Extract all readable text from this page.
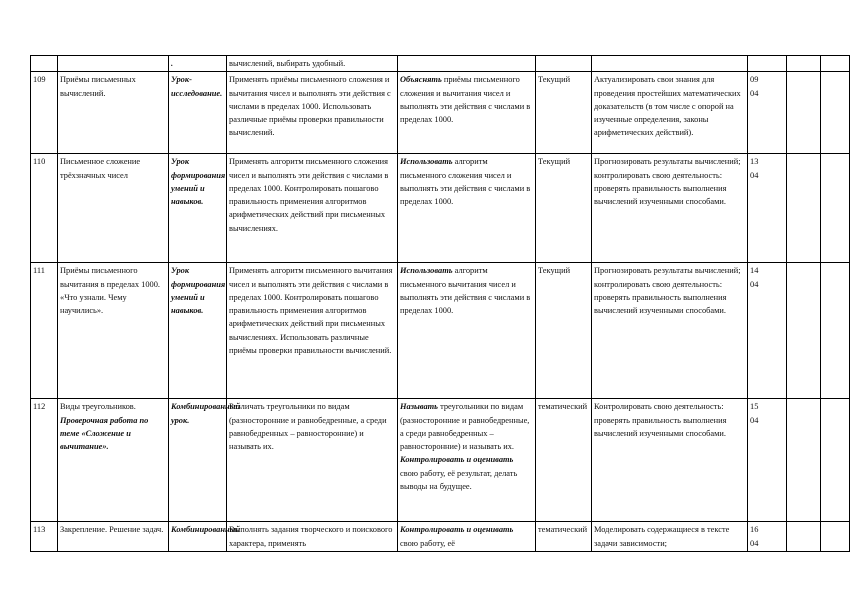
		.	вычислений, выбирать удобный.				

109	Приёмы письменных вычислений.	Урок-исследование.	Применять приёмы письменного сложения и вычитания чисел и выполнять эти действия с числами в пределах 1000. Использовать различные приёмы проверки правильности вычислений.	Объяснять приёмы письменного сложения и вычитания чисел и выполнять эти действия с числами в пределах 1000.	Текущий	Актуализировать свои знания для проведения простейших математических доказательств (в том числе с опорой на изученные определения, законы арифметических действий).	09
04		
110	Письменное сложение трёхзначных чисел	Урок формирования умений и навыков.	Применять алгоритм письменного сложения чисел и выполнять эти действия с числами в пределах 1000. Контролировать пошагово правильность применения алгоритмов арифметических действий при письменных вычислениях.	Использовать алгоритм письменного сложения чисел и выполнять эти действия с числами в пределах 1000.	Текущий	Прогнозировать результаты вычислений; контролировать свою деятельность: проверять правильность выполнения вычислений изученными способами.	13
04		
111	Приёмы письменного вычитания в пределах 1000. «Что узнали. Чему научились».	Урок формирования умений и навыков.	Применять алгоритм письменного вычитания чисел и выполнять эти действия с числами в пределах 1000. Контролировать пошагово правильность применения алгоритмов арифметических действий при письменных вычислениях. Использовать различные приёмы проверки правильности вычислений.	Использовать алгоритм письменного вычитания чисел и выполнять эти действия с числами в пределах 1000.	Текущий	Прогнозировать результаты вычислений; контролировать свою деятельность: проверять правильность выполнения вычислений изученными способами.	14
04		
112	Виды треугольников.
Проверочная работа по теме «Сложение и вычитание».	Комбинированный урок.	Различать треугольники по видам (разносторонние и равнобедренные, а среди равнобедренных – равносторонние) и называть их.	Называть треугольники по видам (разносторонние и равнобедренные, а среди равнобедренных – равносторонние) и называть их. Контролировать и оценивать свою работу, её результат, делать выводы на будущее.	тематический	Контролировать свою деятельность: проверять правильность выполнения вычислений изученными способами.	15
04		
113	Закрепление. Решение задач.	Комбинированный	Выполнять задания творческого и поискового характера, применять	Контролировать и оценивать свою работу, её	тематический	Моделировать содержащиеся в тексте задачи зависимости;	16
04		
